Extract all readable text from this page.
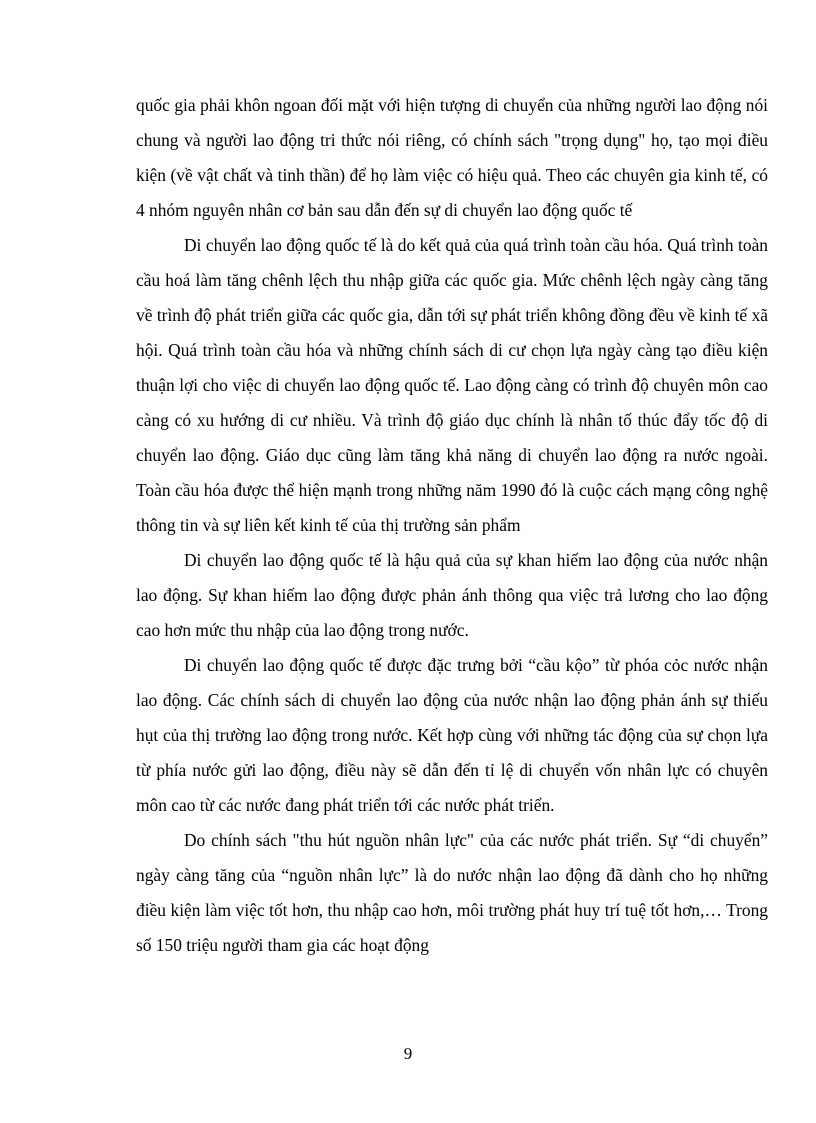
quốc gia phải khôn ngoan đối mặt với hiện tượng di chuyển của những người lao động nói chung và người lao động tri thức nói riêng, có chính sách "trọng dụng" họ, tạo mọi điều kiện (về vật chất và tinh thần) để họ làm việc có hiệu quả. Theo các chuyên gia kinh tế, có 4 nhóm nguyên nhân cơ bản sau dẫn đến sự di chuyển lao động quốc tế

Di chuyển lao động quốc tế là do kết quả của quá trình toàn cầu hóa. Quá trình toàn cầu hoá làm tăng chênh lệch thu nhập giữa các quốc gia. Mức chênh lệch ngày càng tăng về trình độ phát triển giữa các quốc gia, dẫn tới sự phát triển không đồng đều về kinh tế xã hội. Quá trình toàn cầu hóa và những chính sách di cư chọn lựa ngày càng tạo điều kiện thuận lợi cho việc di chuyển lao động quốc tế. Lao động càng có trình độ chuyên môn cao càng có xu hướng di cư nhiều. Và trình độ giáo dục chính là nhân tố thúc đẩy tốc độ di chuyển lao động. Giáo dục cũng làm tăng khả năng di chuyển lao động ra nước ngoài. Toàn cầu hóa được thể hiện mạnh trong những năm 1990 đó là cuộc cách mạng công nghệ thông tin và sự liên kết kinh tế của thị trường sản phẩm

Di chuyển lao động quốc tế là hậu quả của sự khan hiếm lao động của nước nhận lao động. Sự khan hiếm lao động được phản ánh thông qua việc trả lương cho lao động cao hơn mức thu nhập của lao động trong nước.

Di chuyển lao động quốc tế được đặc trưng bởi “cầu kộo” từ phóa cỏc nước nhận lao động. Các chính sách di chuyển lao động của nước nhận lao động phản ánh sự thiếu hụt của thị trường lao động trong nước. Kết hợp cùng với những tác động của sự chọn lựa từ phía nước gửi lao động, điều này sẽ dẫn đến tỉ lệ di chuyển vốn nhân lực có chuyên môn cao từ các nước đang phát triển tới các nước phát triển.

Do chính sách "thu hút nguồn nhân lực" của các nước phát triển. Sự “di chuyển” ngày càng tăng của “nguồn nhân lực” là do nước nhận lao động đã dành cho họ những điều kiện làm việc tốt hơn, thu nhập cao hơn, môi trường phát huy trí tuệ tốt hơn,… Trong số 150 triệu người tham gia các hoạt động

9
